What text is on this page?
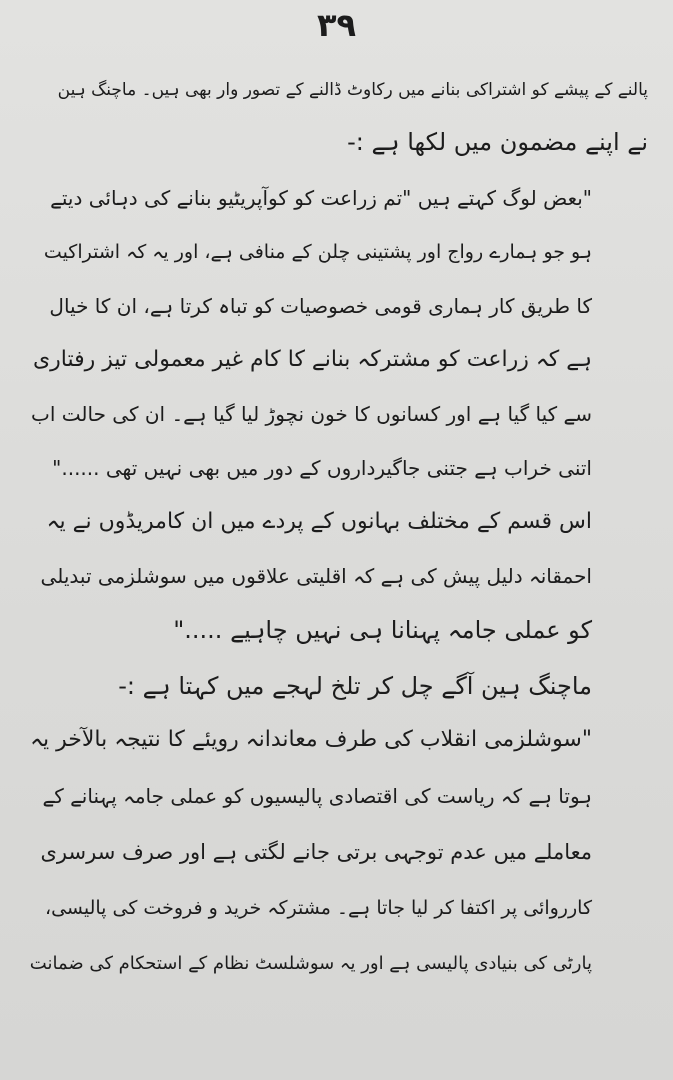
۳۹
پالنے کے پیشے کو اشتراکی بنانے میں رکاوٹ ڈالنے کے تصور وار بھی ہیں۔ ماچنگ ہین
نے اپنے مضمون میں لکھا ہے :-
"بعض لوگ کہتے ہیں "تم زراعت کو کوآپریٹیو بنانے کی دہائی دیتے
ہو جو ہمارے رواج اور پشتینی چلن کے منافی ہے، اور یہ کہ اشتراکیت
کا طریق کار ہماری قومی خصوصیات کو تباہ کرتا ہے، ان کا خیال
ہے کہ زراعت کو مشترکہ بنانے کا کام غیر معمولی تیز رفتاری
سے کیا گیا ہے اور کسانوں کا خون نچوڑ لیا گیا ہے۔ ان کی حالت اب
اتنی خراب ہے جتنی جاگیرداروں کے دور میں بھی نہیں تھی ......"
اس قسم کے مختلف بہانوں کے پردے میں ان کامریڈوں نے یہ
احمقانہ دلیل پیش کی ہے کہ اقلیتی علاقوں میں سوشلزمی تبدیلی
کو عملی جامہ پہنانا ہی نہیں چاہیے ....."
ماچنگ ہین آگے چل کر تلخ لہجے میں کہتا ہے :-
"سوشلزمی انقلاب کی طرف معاندانہ رویئے کا نتیجہ بالآخر یہ
ہوتا ہے کہ ریاست کی اقتصادی پالیسیوں کو عملی جامہ پہنانے کے
معاملے میں عدم توجہی برتی جانے لگتی ہے اور صرف سرسری
کارروائی پر اکتفا کر لیا جاتا ہے۔ مشترکہ خرید و فروخت کی پالیسی،
پارٹی کی بنیادی پالیسی ہے اور یہ سوشلسٹ نظام کے استحکام کی ضمانت
